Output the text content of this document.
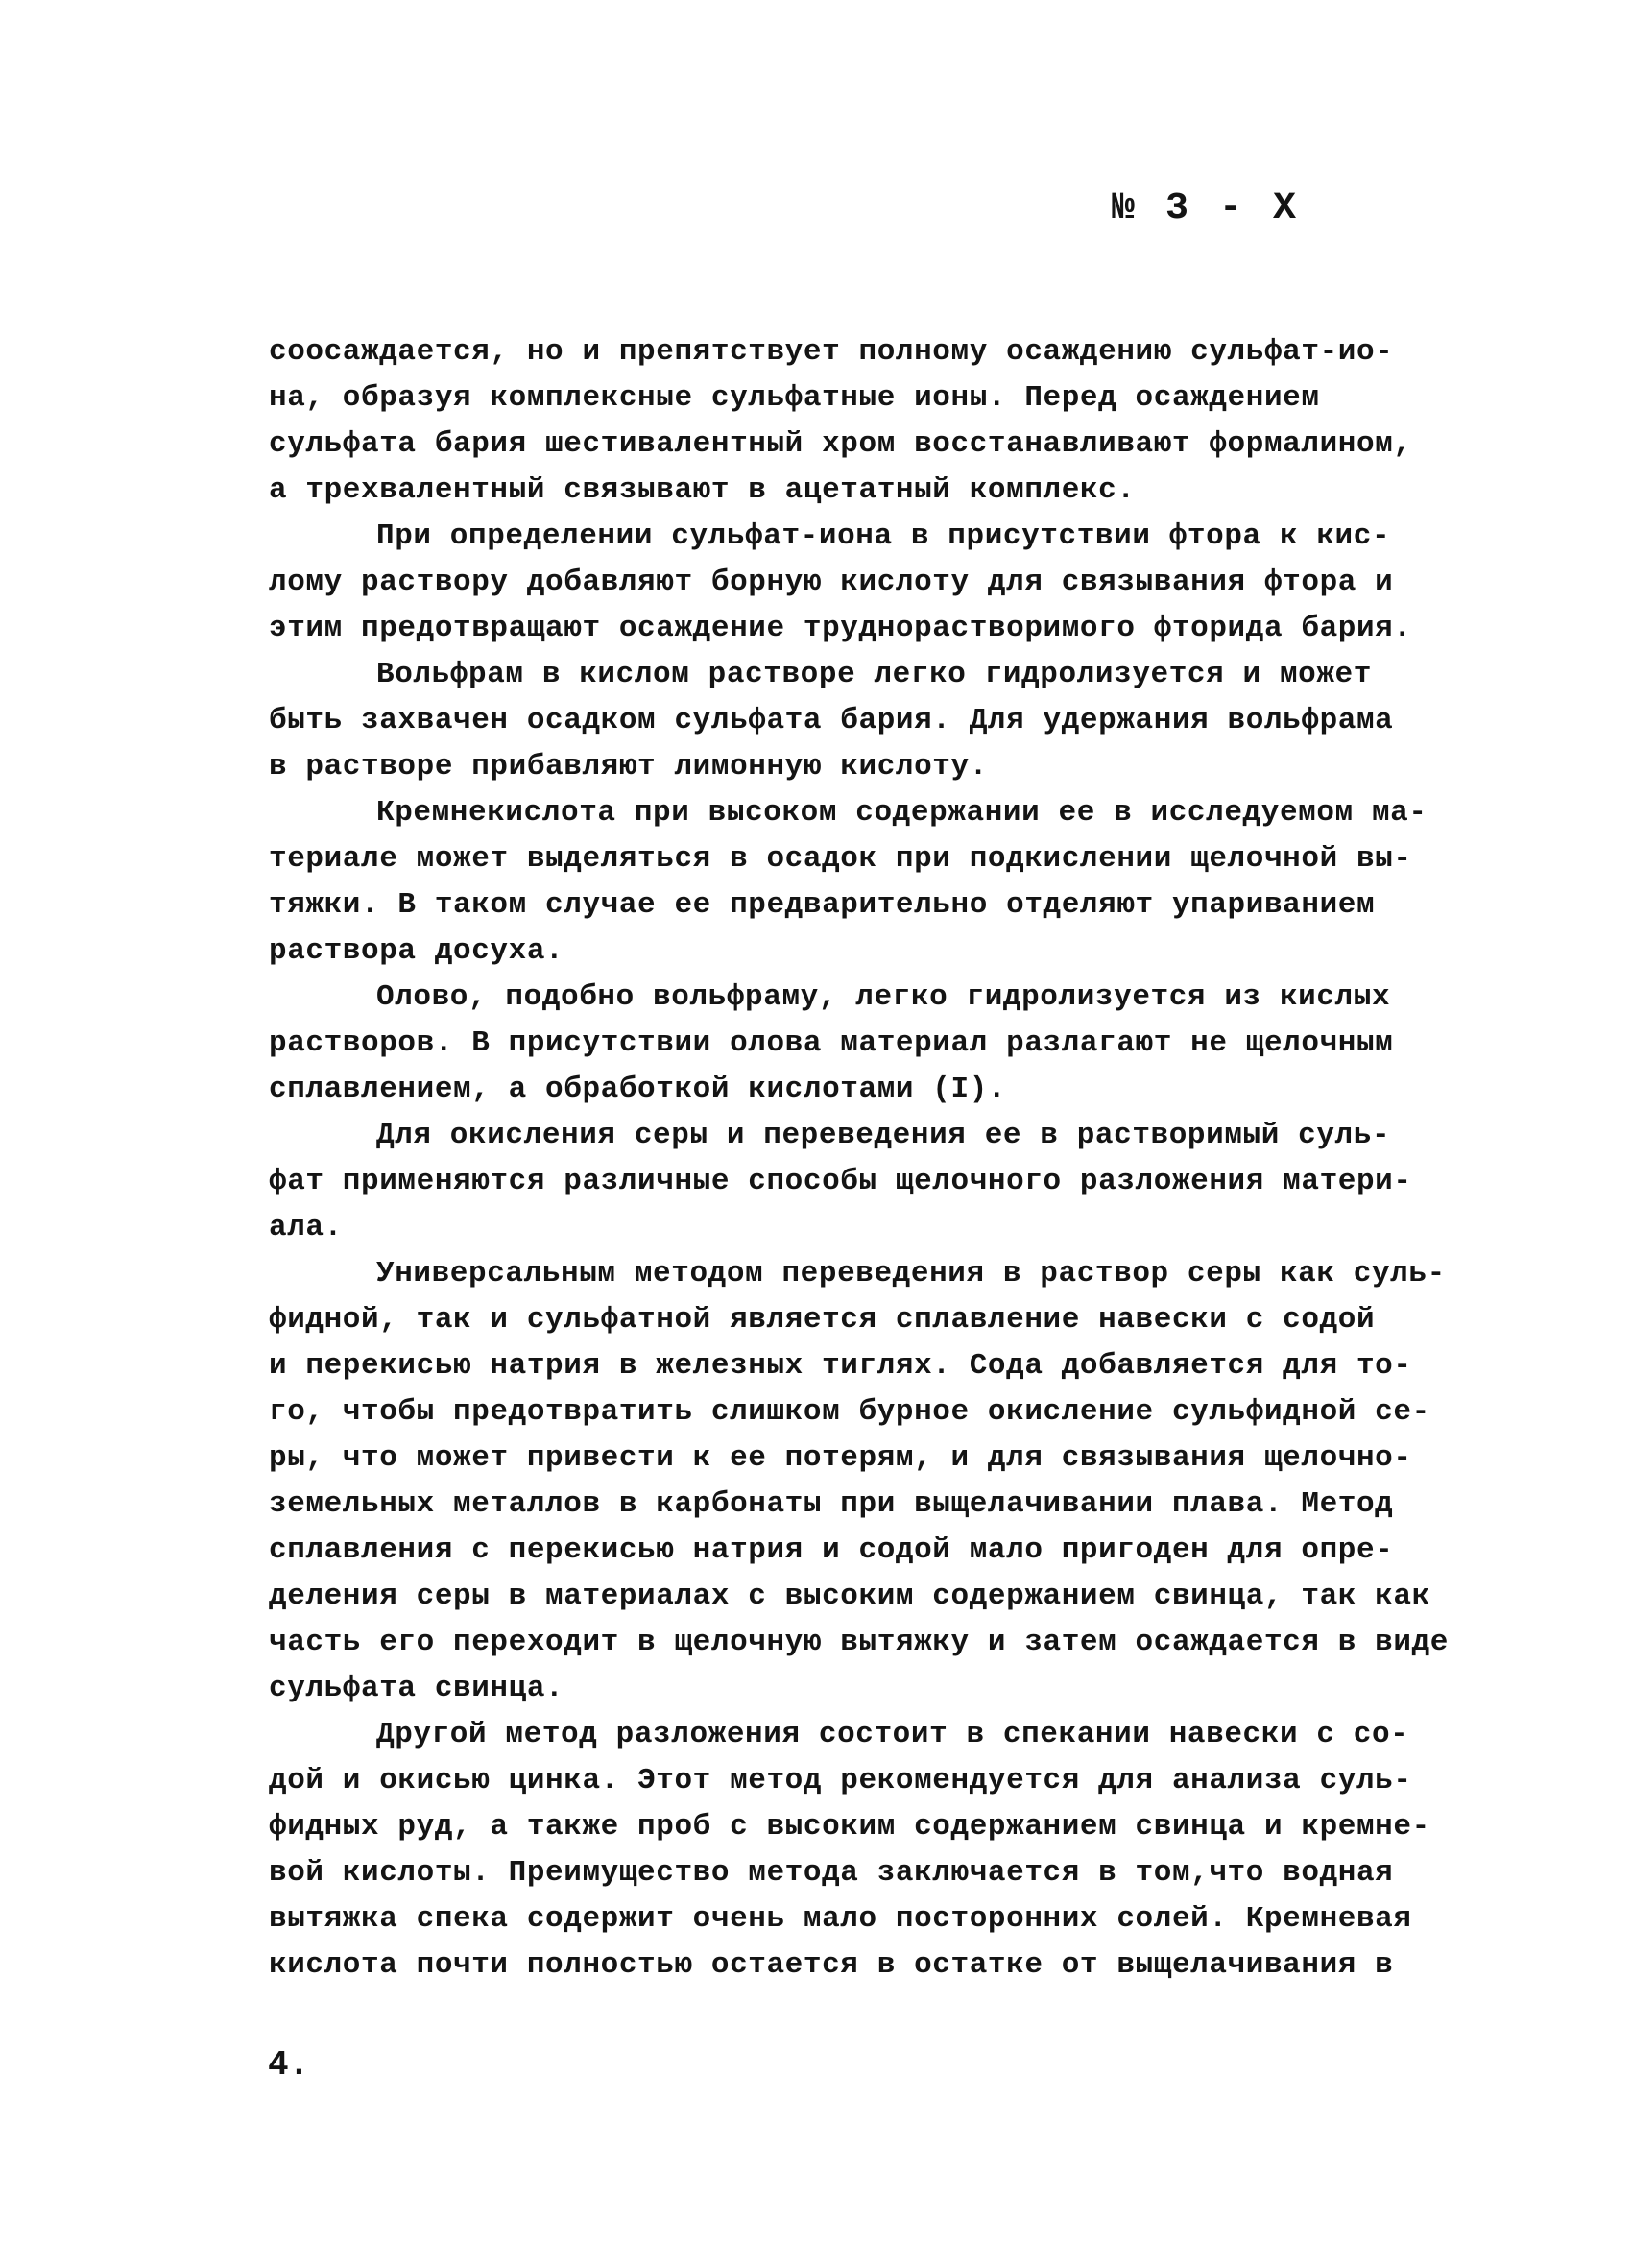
№ 3 - X
соосаждается, но и препятствует полному осаждению сульфат-ио-
на, образуя комплексные сульфатные ионы. Перед осаждением
сульфата бария шестивалентный хром восстанавливают формалином,
а трехвалентный связывают в ацетатный комплекс.
При определении сульфат-иона в присутствии фтора к кис-
лому раствору добавляют борную кислоту для связывания фтора и
этим предотвращают осаждение труднорастворимого фторида бария.
Вольфрам в кислом растворе легко гидролизуется и может
быть захвачен осадком сульфата бария. Для удержания вольфрама
в растворе прибавляют лимонную кислоту.
Кремнекислота при высоком содержании ее в исследуемом ма-
териале может выделяться в осадок при подкислении щелочной вы-
тяжки. В таком случае ее предварительно отделяют упариванием
раствора досуха.
Олово, подобно вольфраму, легко гидролизуется из кислых
растворов. В присутствии олова материал разлагают не щелочным
сплавлением, а обработкой кислотами (I).
Для окисления серы и переведения ее в растворимый суль-
фат применяются различные способы щелочного разложения матери-
ала.
Универсальным методом переведения в раствор серы как суль-
фидной, так и сульфатной является сплавление навески с содой
и перекисью натрия в железных тиглях. Сода добавляется для то-
го, чтобы предотвратить слишком бурное окисление сульфидной се-
ры, что может привести к ее потерям, и для связывания щелочно-
земельных металлов в карбонаты при выщелачивании плава. Метод
сплавления с перекисью натрия и содой мало пригоден для опре-
деления серы в материалах с высоким содержанием свинца, так как
часть его переходит в щелочную вытяжку и затем осаждается в виде
сульфата свинца.
Другой метод разложения состоит в спекании навески с со-
дой и окисью цинка. Этот метод рекомендуется для анализа суль-
фидных руд, а также проб с высоким содержанием свинца и кремне-
вой кислоты. Преимущество метода заключается в том,что водная
вытяжка спека содержит очень мало посторонних солей. Кремневая
кислота почти полностью остается в остатке от выщелачивания в
4.
